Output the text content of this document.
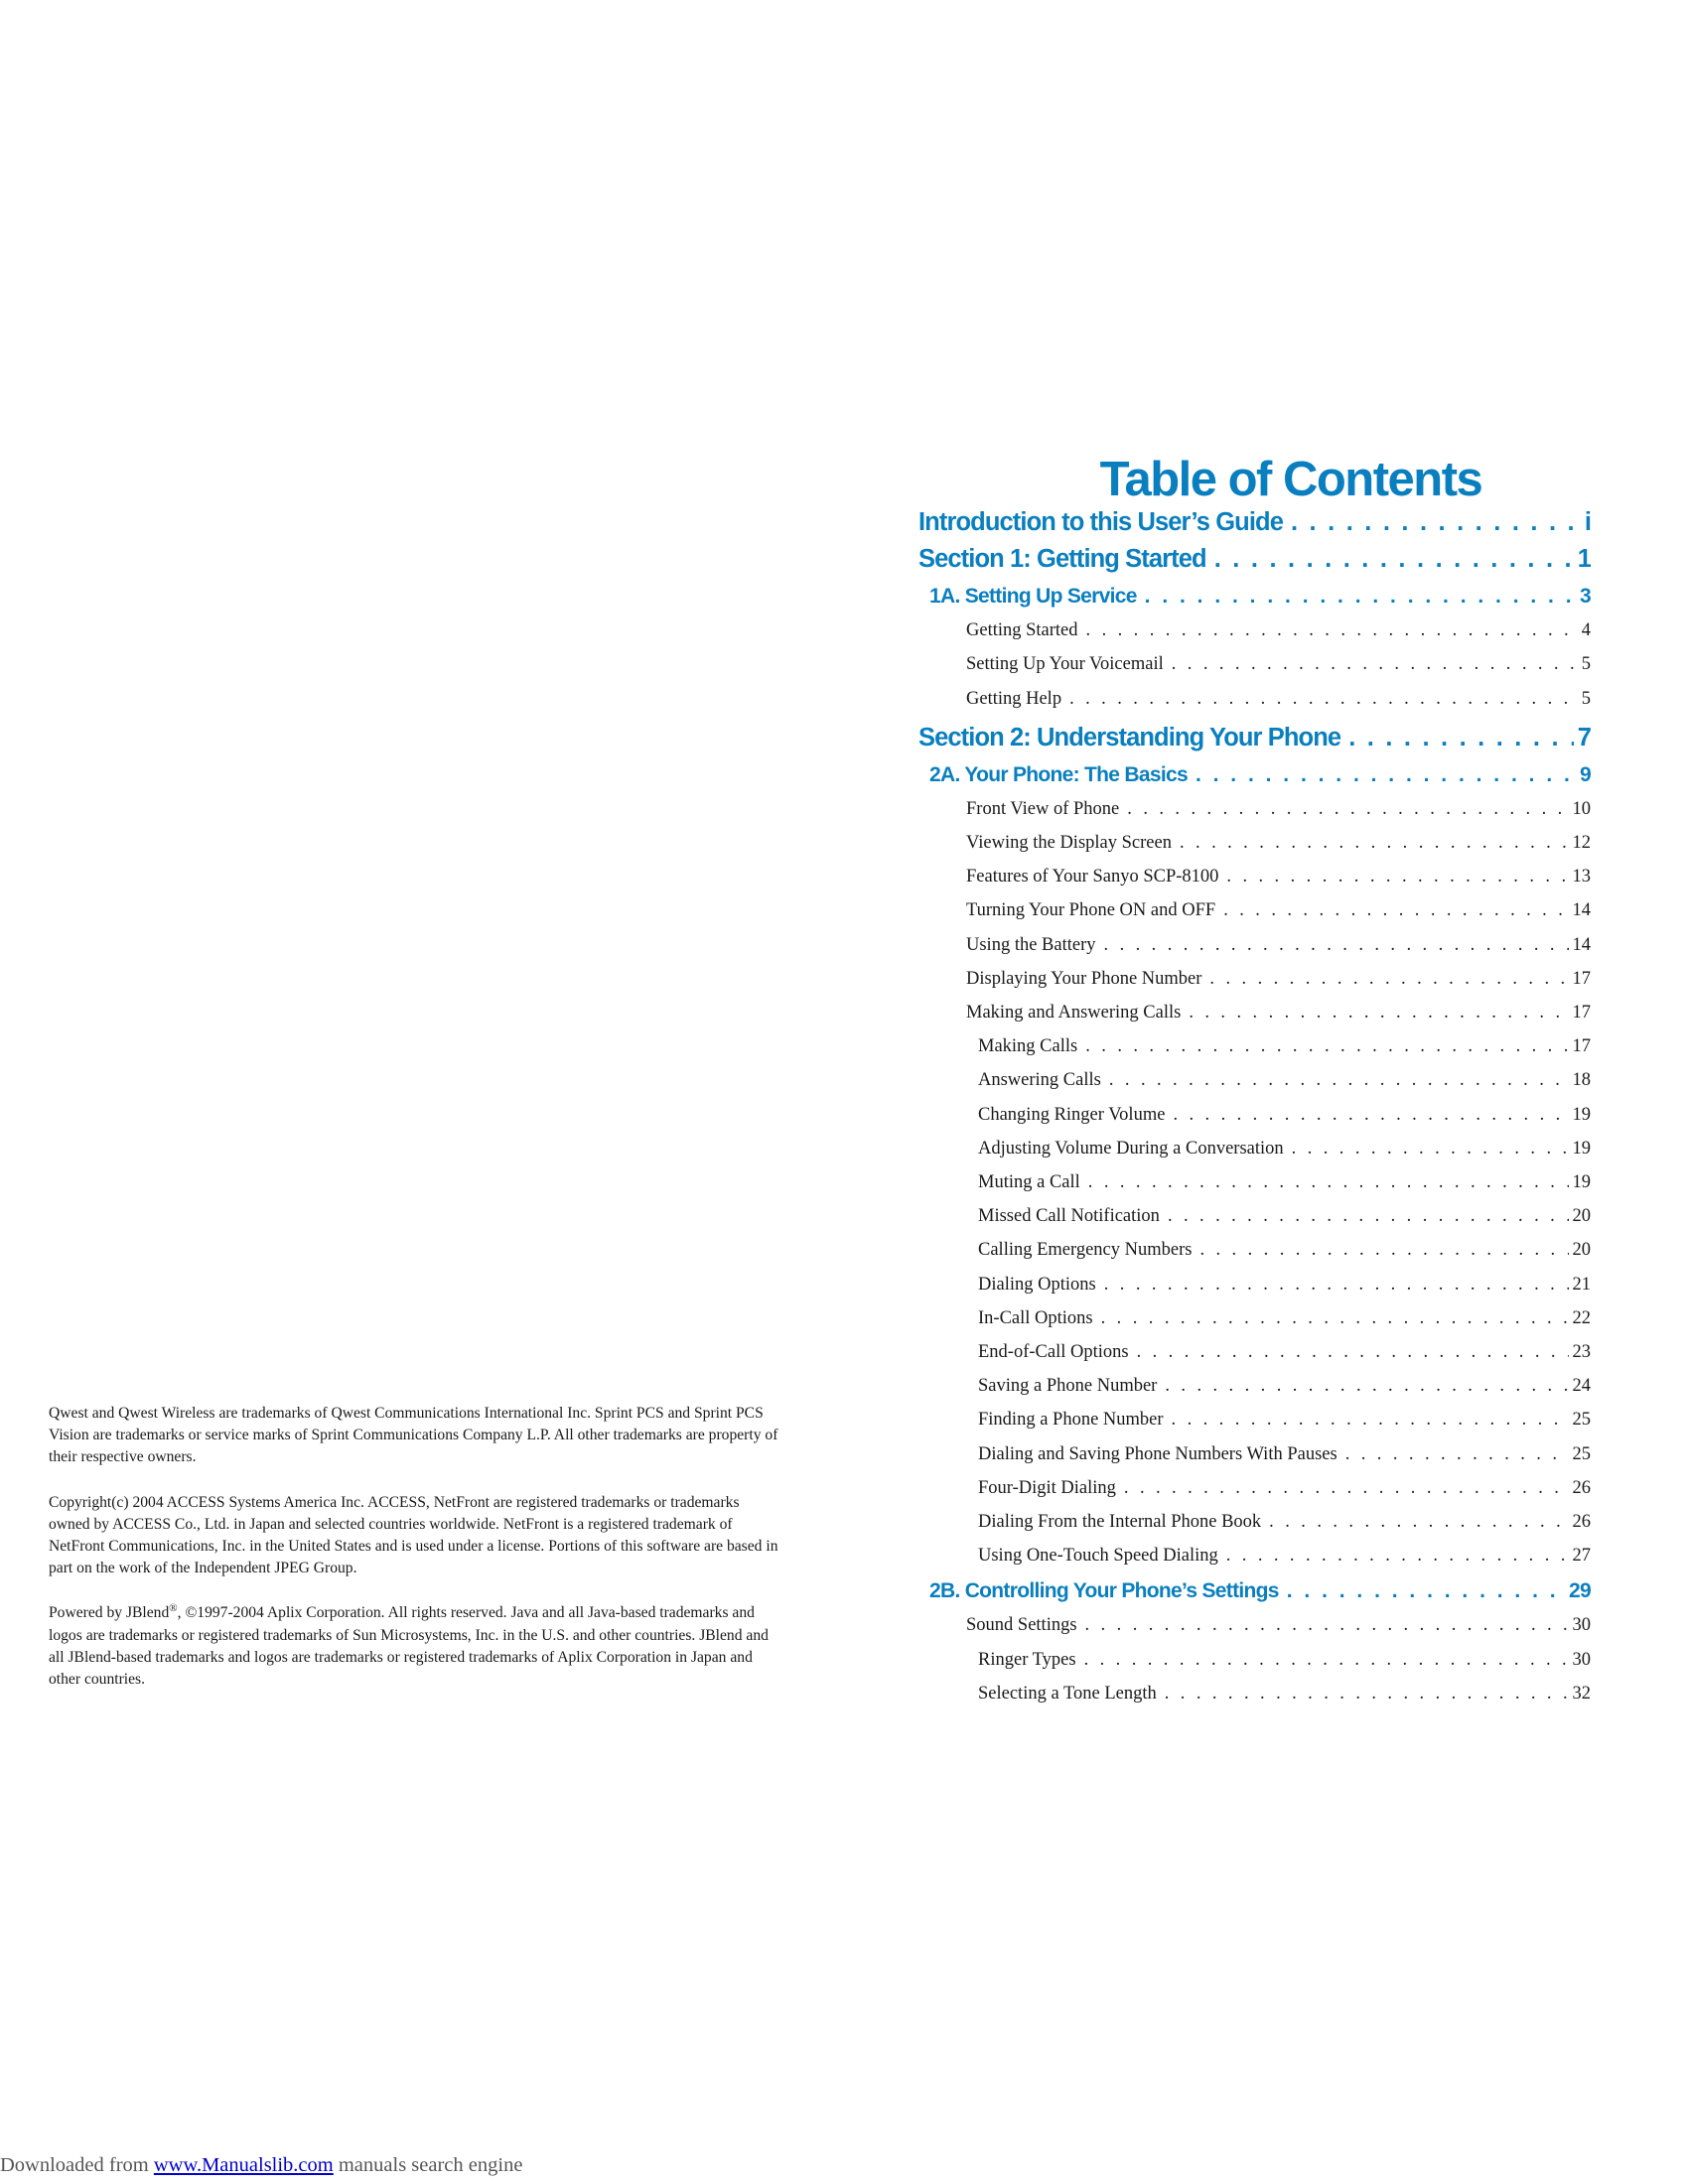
Qwest and Qwest Wireless are trademarks of Qwest Communications International Inc. Sprint PCS and Sprint PCS Vision are trademarks or service marks of Sprint Communications Company L.P. All other trademarks are property of their respective owners.

Copyright(c) 2004 ACCESS Systems America Inc. ACCESS, NetFront are registered trademarks or trademarks owned by ACCESS Co., Ltd. in Japan and selected countries worldwide. NetFront is a registered trademark of NetFront Communications, Inc. in the United States and is used under a license. Portions of this software are based in part on the work of the Independent JPEG Group.

Powered by JBlend®, ©1997-2004 Aplix Corporation. All rights reserved. Java and all Java-based trademarks and logos are trademarks or registered trademarks of Sun Microsystems, Inc. in the U.S. and other countries. JBlend and all JBlend-based trademarks and logos are trademarks or registered trademarks of Aplix Corporation in Japan and other countries.

Table of Contents
Introduction to this User’s Guide . . .	i
Section 1: Getting Started . . .	1
1A. Setting Up Service . . .	3
Getting Started . . .	4
Setting Up Your Voicemail . . .	5
Getting Help . . .	5
Section 2: Understanding Your Phone . . .	7
2A. Your Phone: The Basics . . .	9
Front View of Phone . . .	10
Viewing the Display Screen . . .	12
Features of Your Sanyo SCP-8100 . . .	13
Turning Your Phone ON and OFF . . .	14
Using the Battery . . .	14
Displaying Your Phone Number . . .	17
Making and Answering Calls . . .	17
Making Calls . . .	17
Answering Calls . . .	18
Changing Ringer Volume . . .	19
Adjusting Volume During a Conversation . . .	19
Muting a Call . . .	19
Missed Call Notification . . .	20
Calling Emergency Numbers . . .	20
Dialing Options . . .	21
In-Call Options . . .	22
End-of-Call Options . . .	23
Saving a Phone Number . . .	24
Finding a Phone Number . . .	25
Dialing and Saving Phone Numbers With Pauses . . .	25
Four-Digit Dialing . . .	26
Dialing From the Internal Phone Book . . .	26
Using One-Touch Speed Dialing . . .	27
2B. Controlling Your Phone’s Settings . . .	29
Sound Settings . . .	30
Ringer Types . . .	30
Selecting a Tone Length . . .	32
Downloaded from www.Manualslib.com manuals search engine
